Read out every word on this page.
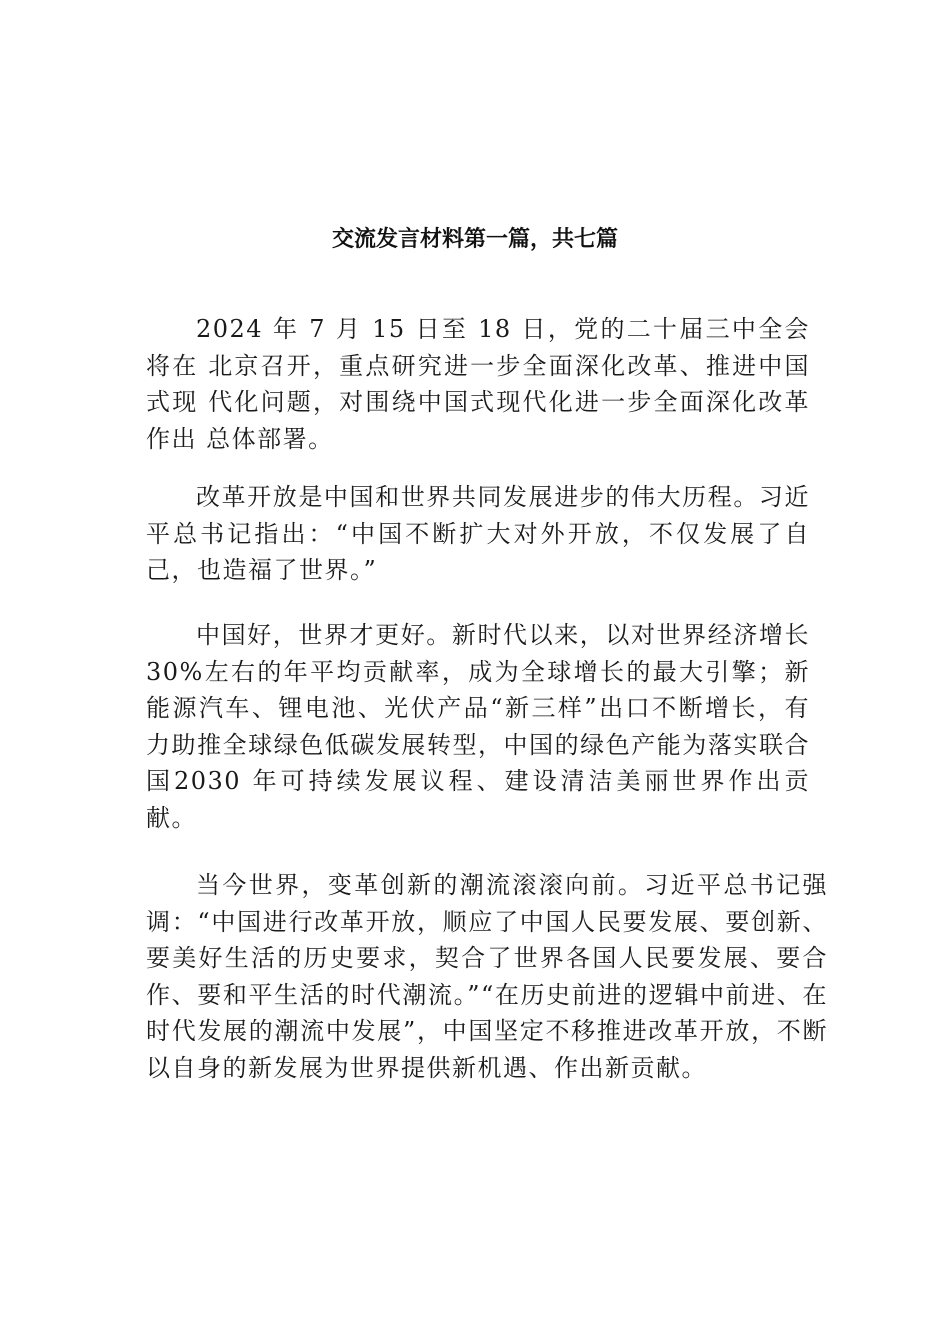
交流发言材料第一篇，共七篇

2024 年 7 月 15 日至 18 日，党的二十届三中全会将在 北京召开，重点研究进一步全面深化改革、推进中国式现 代化问题，对围绕中国式现代化进一步全面深化改革作出 总体部署。

改革开放是中国和世界共同发展进步的伟大历程。习近平总书记指出：“中国不断扩大对外开放，不仅发展了自己，也造福了世界。”

中国好，世界才更好。新时代以来，以对世界经济增长 30%左右的年平均贡献率，成为全球增长的最大引擎；新能源汽车、锂电池、光伏产品“新三样”出口不断增长，有力助推全球绿色低碳发展转型，中国的绿色产能为落实联合国2030 年可持续发展议程、建设清洁美丽世界作出贡 献。

当今世界，变革创新的潮流滚滚向前。习近平总书记强调：“中国进行改革开放，顺应了中国人民要发展、要创新、要美好生活的历史要求，契合了世界各国人民要发展、要合作、要和平生活的时代潮流。”“在历史前进的逻辑中前进、在时代发展的潮流中发展”，中国坚定不移推进改革开放，不断以自身的新发展为世界提供新机遇、作出新贡献。
